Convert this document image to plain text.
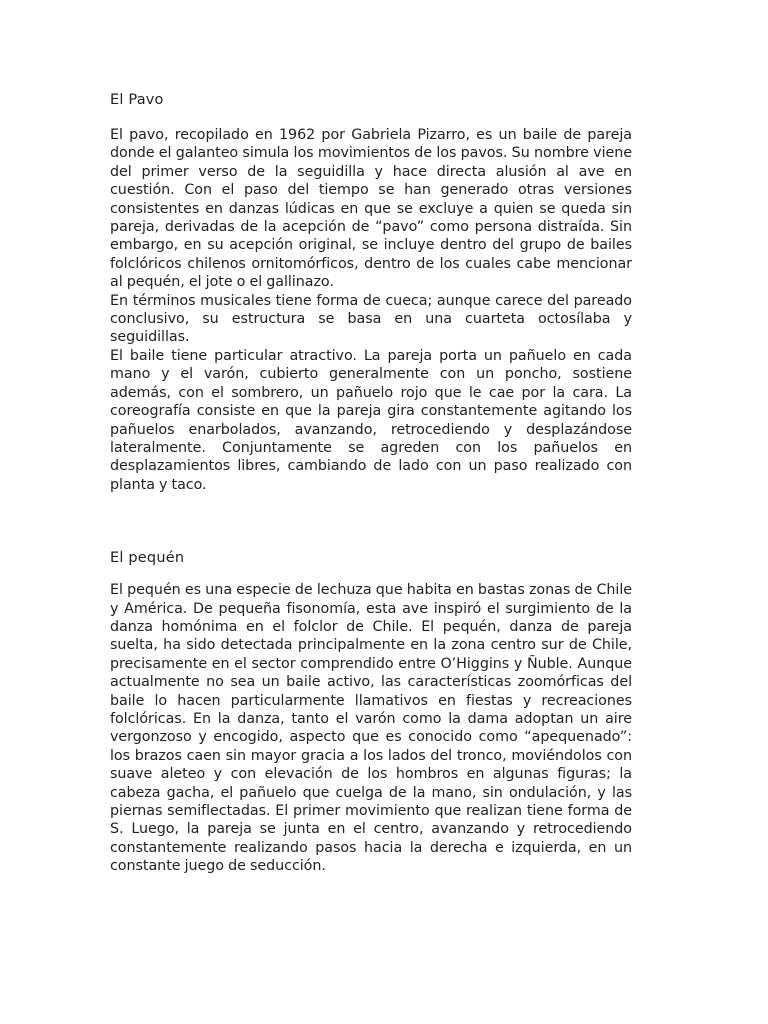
El Pavo

El pavo, recopilado en 1962 por Gabriela Pizarro, es un baile de pareja donde el galanteo simula los movimientos de los pavos. Su nombre viene del primer verso de la seguidilla y hace directa alusión al ave en cuestión. Con el paso del tiempo se han generado otras versiones consistentes en danzas lúdicas en que se excluye a quien se queda sin pareja, derivadas de la acepción de “pavo” como persona distraída. Sin embargo, en su acepción original, se incluye dentro del grupo de bailes folclóricos chilenos ornitomórficos, dentro de los cuales cabe mencionar al pequén, el jote o el gallinazo.

En términos musicales tiene forma de cueca; aunque carece del pareado conclusivo, su estructura se basa en una cuarteta octosílaba y seguidillas.

El baile tiene particular atractivo. La pareja porta un pañuelo en cada mano y el varón, cubierto generalmente con un poncho, sostiene además, con el sombrero, un pañuelo rojo que le cae por la cara. La coreografía consiste en que la pareja gira constantemente agitando los pañuelos enarbolados, avanzando, retrocediendo y desplazándose lateralmente. Conjuntamente se agreden con los pañuelos en desplazamientos libres, cambiando de lado con un paso realizado con planta y taco.

El pequén

El pequén es una especie de lechuza que habita en bastas zonas de Chile y América. De pequeña fisonomía, esta ave inspiró el surgimiento de la danza homónima en el folclor de Chile. El pequén, danza de pareja suelta, ha sido detectada principalmente en la zona centro sur de Chile, precisamente en el sector comprendido entre O’Higgins y Ñuble. Aunque actualmente no sea un baile activo, las características zoomórficas del baile lo hacen particularmente llamativos en fiestas y recreaciones folclóricas. En la danza, tanto el varón como la dama adoptan un aire vergonzoso y encogido, aspecto que es conocido como “apequenado”: los brazos caen sin mayor gracia a los lados del tronco, moviéndolos con suave aleteo y con elevación de los hombros en algunas figuras; la cabeza gacha, el pañuelo que cuelga de la mano, sin ondulación, y las piernas semiflectadas. El primer movimiento que realizan tiene forma de S. Luego, la pareja se junta en el centro, avanzando y retrocediendo constantemente realizando pasos hacia la derecha e izquierda, en un constante juego de seducción.
